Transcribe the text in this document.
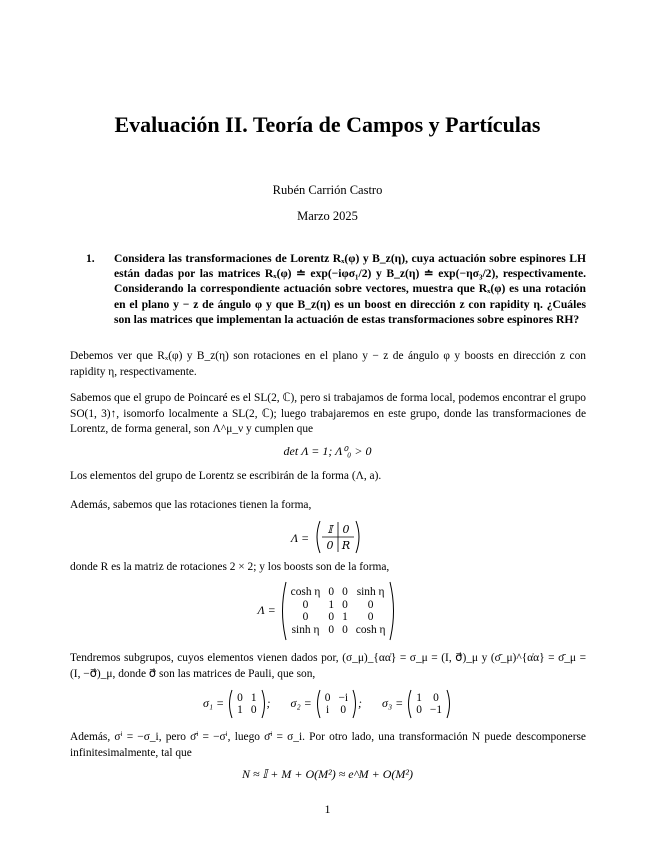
Evaluación II. Teoría de Campos y Partículas
Rubén Carrión Castro
Marzo 2025
1.	Considera las transformaciones de Lorentz Rₓ(φ) y B_z(η), cuya actuación sobre espinores LH están dadas por las matrices Rₓ(φ) ≐ exp(−iφσ₁/2) y B_z(η) ≐ exp(−ησ₃/2), respectivamente. Considerando la correspondiente actuación sobre vectores, muestra que Rₓ(φ) es una rotación en el plano y − z de ángulo φ y que B_z(η) es un boost en dirección z con rapidity η. ¿Cuáles son las matrices que implementan la actuación de estas transformaciones sobre espinores RH?
Debemos ver que Rₓ(φ) y B_z(η) son rotaciones en el plano y − z de ángulo φ y boosts en dirección z con rapidity η, respectivamente.
Sabemos que el grupo de Poincaré es el SL(2, ℂ), pero si trabajamos de forma local, podemos encontrar el grupo SO(1, 3)↑, isomorfo localmente a SL(2, ℂ); luego trabajaremos en este grupo, donde las transformaciones de Lorentz, de forma general, son Λ^μ_ν y cumplen que
det Λ = 1; Λ⁰₀ > 0
Los elementos del grupo de Lorentz se escribirán de la forma (Λ, a).
Además, sabemos que las rotaciones tienen la forma,
Λ =
𝕀 0
0 R
donde R es la matriz de rotaciones 2 × 2; y los boosts son de la forma,
Λ = cosh η	0	0	sinh η
0	1	0	0
0	0	1	0
sinh η	0	0	cosh η
Tendremos subgrupos, cuyos elementos vienen dados por, (σ_μ)_{αα̇} = σ_μ = (I, σ⃗)_μ y (σ̄_μ)^{α̇α} = σ̄_μ = (I, −σ⃗)_μ, donde σ⃗ son las matrices de Pauli, que son,
σ₁ = 0	1
1	0; σ₂ = 0	−i
i	0; σ₃ = 1	0
0	−1
Además, σⁱ = −σ_i, pero σ̄ⁱ = −σⁱ, luego σ̄ⁱ = σ_i. Por otro lado, una transformación N puede descomponerse infinitesimalmente, tal que
N ≈ 𝕀 + M + O(M²) ≈ e^M + O(M²)
1
